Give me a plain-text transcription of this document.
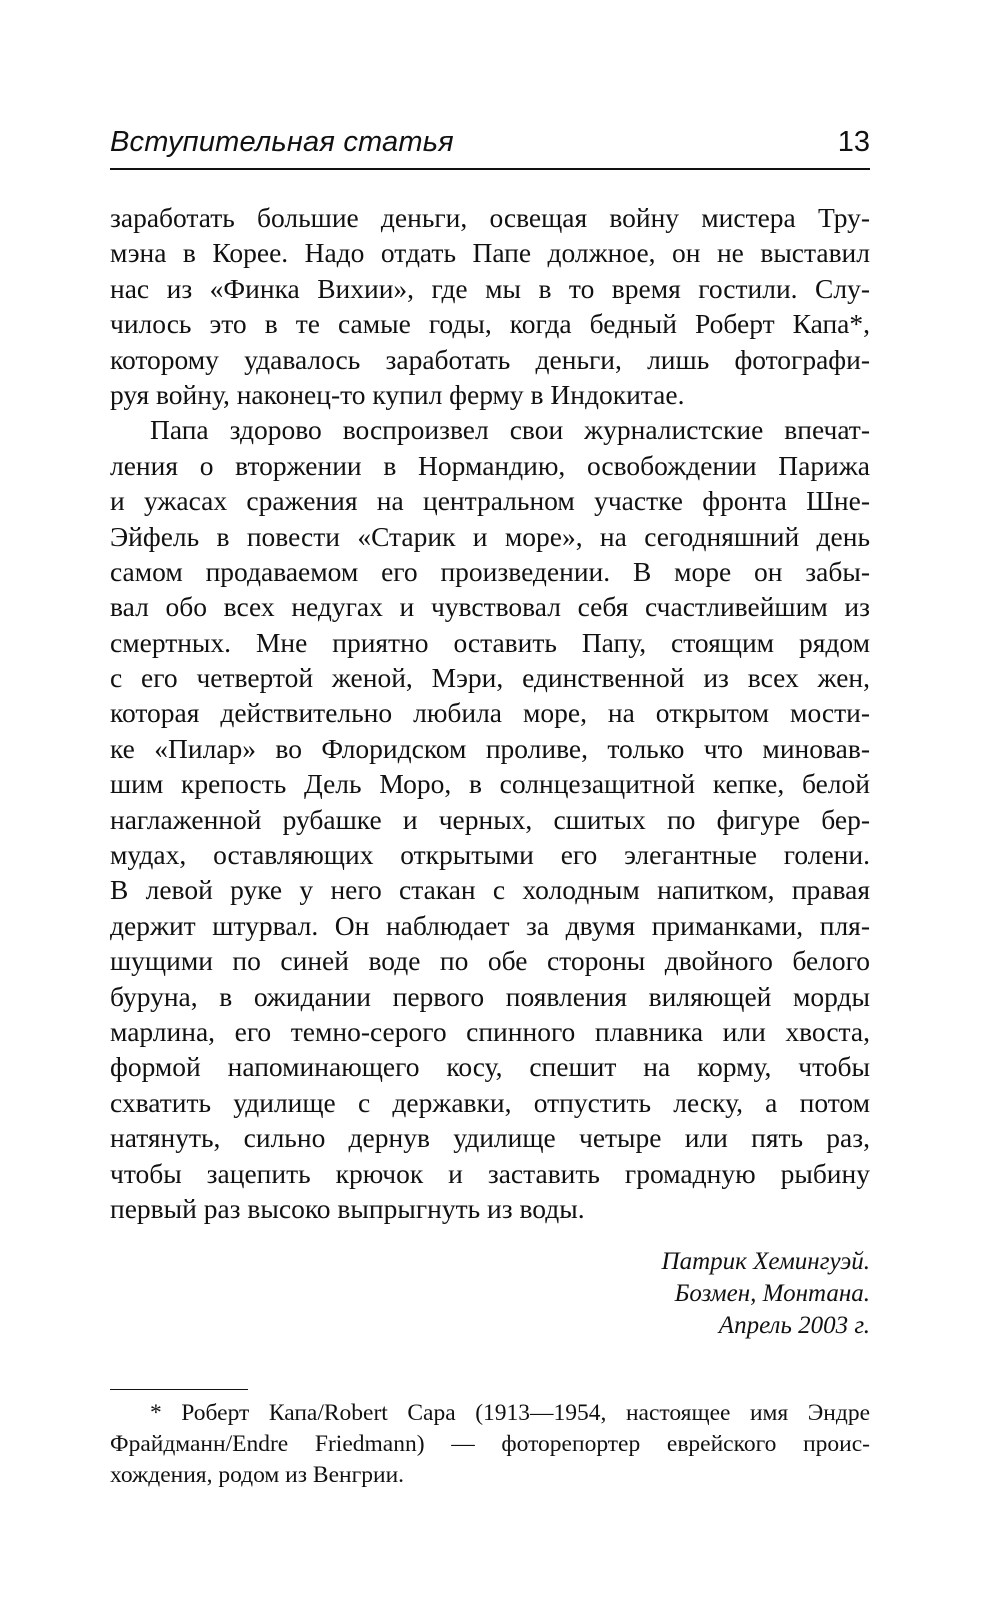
Вступительная статья	13
заработать большие деньги, освещая войну мистера Тру-
мэна в Корее. Надо отдать Папе должное, он не выставил
нас из «Финка Вихии», где мы в то время гостили. Слу-
чилось это в те самые годы, когда бедный Роберт Капа*,
которому удавалось заработать деньги, лишь фотографи-
руя войну, наконец-то купил ферму в Индокитае.
Папа здорово воспроизвел свои журналистские впечат-
ления о вторжении в Нормандию, освобождении Парижа
и ужасах сражения на центральном участке фронта Шне-
Эйфель в повести «Старик и море», на сегодняшний день
самом продаваемом его произведении. В море он забы-
вал обо всех недугах и чувствовал себя счастливейшим из
смертных. Мне приятно оставить Папу, стоящим рядом
с его четвертой женой, Мэри, единственной из всех жен,
которая действительно любила море, на открытом мости-
ке «Пилар» во Флоридском проливе, только что миновав-
шим крепость Дель Моро, в солнцезащитной кепке, белой
наглаженной рубашке и черных, сшитых по фигуре бер-
мудах, оставляющих открытыми его элегантные голени.
В левой руке у него стакан с холодным напитком, правая
держит штурвал. Он наблюдает за двумя приманками, пля-
шущими по синей воде по обе стороны двойного белого
буруна, в ожидании первого появления виляющей морды
марлина, его темно-серого спинного плавника или хвоста,
формой напоминающего косу, спешит на корму, чтобы
схватить удилище с державки, отпустить леску, а потом
натянуть, сильно дернув удилище четыре или пять раз,
чтобы зацепить крючок и заставить громадную рыбину
первый раз высоко выпрыгнуть из воды.
Патрик Хемингуэй.
Бозмен, Монтана.
Апрель 2003 г.
* Роберт Капа/Robert Capa (1913—1954, настоящее имя Эндре
Фрайдманн/Endre Friedmann) — фоторепортер еврейского проис-
хождения, родом из Венгрии.
